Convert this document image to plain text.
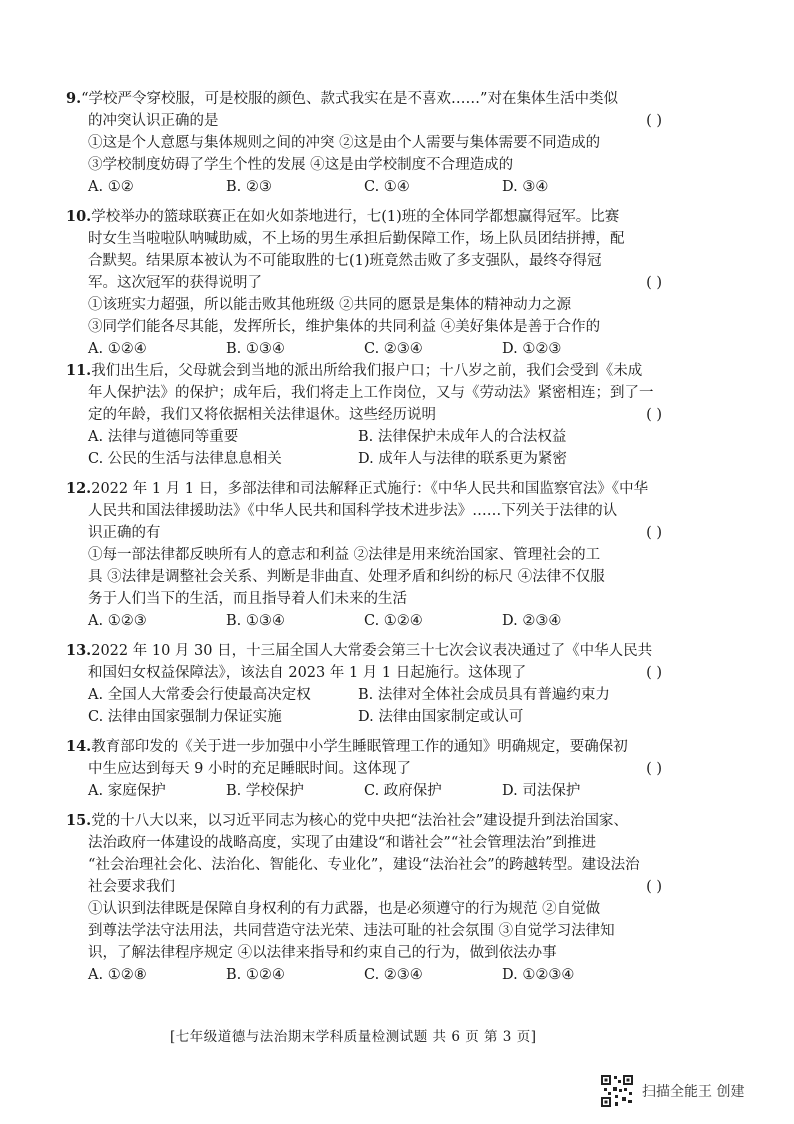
9.“学校严令穿校服，可是校服的颜色、款式我实在是不喜欢……”对在集体生活中类似
的冲突认识正确的是	( )
①这是个人意愿与集体规则之间的冲突 ②这是由个人需要与集体需要不同造成的
③学校制度妨碍了学生个性的发展 ④这是由学校制度不合理造成的
A. ①②	B. ②③	C. ①④	D. ③④
10.学校举办的篮球联赛正在如火如荼地进行，七(1)班的全体同学都想赢得冠军。比赛
时女生当啦啦队呐喊助威，不上场的男生承担后勤保障工作，场上队员团结拼搏，配
合默契。结果原本被认为不可能取胜的七(1)班竟然击败了多支强队，最终夺得冠
军。这次冠军的获得说明了	( )
①该班实力超强，所以能击败其他班级 ②共同的愿景是集体的精神动力之源
③同学们能各尽其能，发挥所长，维护集体的共同利益 ④美好集体是善于合作的
A. ①②④	B. ①③④	C. ②③④	D. ①②③
11.我们出生后，父母就会到当地的派出所给我们报户口；十八岁之前，我们会受到《未成
年人保护法》的保护；成年后，我们将走上工作岗位，又与《劳动法》紧密相连；到了一
定的年龄，我们又将依据相关法律退休。这些经历说明	( )
A. 法律与道德同等重要	B. 法律保护未成年人的合法权益
C. 公民的生活与法律息息相关	D. 成年人与法律的联系更为紧密
12.2022 年 1 月 1 日，多部法律和司法解释正式施行：《中华人民共和国监察官法》《中华
人民共和国法律援助法》《中华人民共和国科学技术进步法》……下列关于法律的认
识正确的有	( )
①每一部法律都反映所有人的意志和利益 ②法律是用来统治国家、管理社会的工
具 ③法律是调整社会关系、判断是非曲直、处理矛盾和纠纷的标尺 ④法律不仅服
务于人们当下的生活，而且指导着人们未来的生活
A. ①②③	B. ①③④	C. ①②④	D. ②③④
13.2022 年 10 月 30 日，十三届全国人大常委会第三十七次会议表决通过了《中华人民共
和国妇女权益保障法》，该法自 2023 年 1 月 1 日起施行。这体现了	( )
A. 全国人大常委会行使最高决定权	B. 法律对全体社会成员具有普遍约束力
C. 法律由国家强制力保证实施	D. 法律由国家制定或认可
14.教育部印发的《关于进一步加强中小学生睡眠管理工作的通知》明确规定，要确保初
中生应达到每天 9 小时的充足睡眠时间。这体现了	( )
A. 家庭保护	B. 学校保护	C. 政府保护	D. 司法保护
15.党的十八大以来，以习近平同志为核心的党中央把“法治社会”建设提升到法治国家、
法治政府一体建设的战略高度，实现了由建设“和谐社会”“社会管理法治”到推进
“社会治理社会化、法治化、智能化、专业化”，建设“法治社会”的跨越转型。建设法治
社会要求我们	( )
①认识到法律既是保障自身权利的有力武器，也是必须遵守的行为规范 ②自觉做
到尊法学法守法用法，共同营造守法光荣、违法可耻的社会氛围 ③自觉学习法律知
识，了解法律程序规定 ④以法律来指导和约束自己的行为，做到依法办事
A. ①②⑧	B. ①②④	C. ②③④	D. ①②③④
[七年级道德与法治期末学科质量检测试题 共 6 页 第 3 页]
扫描全能王 创建
